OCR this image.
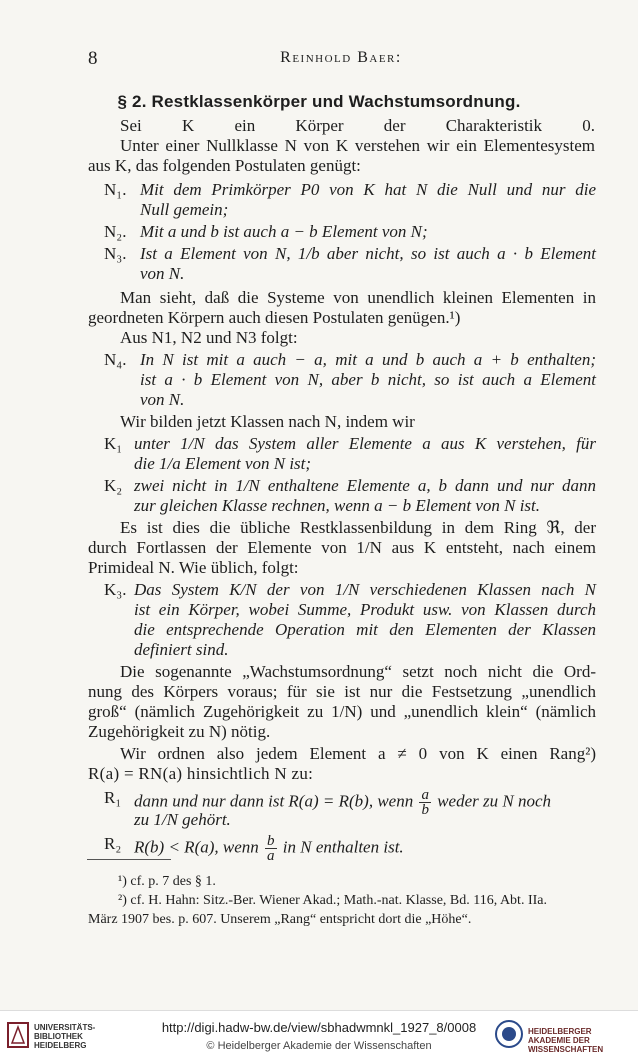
8	Reinhold Baer:
§ 2. Restklassenkörper und Wachstumsordnung.
Sei K ein Körper der Charakteristik 0.
Unter einer Nullklasse N von K verstehen wir ein Elementesystem
aus K, das folgenden Postulaten genügt:
N₁. Mit dem Primkörper P0 von K hat N die Null und nur die
Null gemein;
N₂. Mit a und b ist auch a − b Element von N;
N₃. Ist a Element von N, 1/b aber nicht, so ist auch a · b Element
von N.
Man sieht, daß die Systeme von unendlich kleinen Elementen in
geordneten Körpern auch diesen Postulaten genügen.¹)
Aus N1, N2 und N3 folgt:
N₄. In N ist mit a auch − a, mit a und b auch a + b enthalten;
ist a · b Element von N, aber b nicht, so ist auch a Element
von N.
Wir bilden jetzt Klassen nach N, indem wir
K₁ unter 1/N das System aller Elemente a aus K verstehen, für
die 1/a Element von N ist;
K₂ zwei nicht in 1/N enthaltene Elemente a, b dann und nur dann
zur gleichen Klasse rechnen, wenn a − b Element von N ist.
Es ist dies die übliche Restklassenbildung in dem Ring ℜ, der
durch Fortlassen der Elemente von 1/N aus K entsteht, nach einem
Primideal N. Wie üblich, folgt:
K₃. Das System K/N der von 1/N verschiedenen Klassen nach N
ist ein Körper, wobei Summe, Produkt usw. von Klassen durch
die entsprechende Operation mit den Elementen der Klassen
definiert sind.
Die sogenannte „Wachstumsordnung“ setzt noch nicht die Ord-
nung des Körpers voraus; für sie ist nur die Festsetzung „unendlich
groß“ (nämlich Zugehörigkeit zu 1/N) und „unendlich klein“ (nämlich
Zugehörigkeit zu N) nötig.
Wir ordnen also jedem Element a ≠ 0 von K einen Rang²)
R(a) = RN(a) hinsichtlich N zu:
R₁ dann und nur dann ist R(a) = R(b), wenn $\frac{a}{b}$ weder zu N noch
zu 1/N gehört.
R₂ R(b) < R(a), wenn $\frac{b}{a}$ in N enthalten ist.
¹) cf. p. 7 des § 1.
²) cf. H. Hahn: Sitz.-Ber. Wiener Akad.; Math.-nat. Klasse, Bd. 116, Abt. IIa.
März 1907 bes. p. 607. Unserem „Rang“ entspricht dort die „Höhe“.
UNIVERSITÄTS- BIBLIOTHEK HEIDELBERG
http://digi.hadw-bw.de/view/sbhadwmnkl_1927_8/0008
© Heidelberger Akademie der Wissenschaften
HEIDELBERGER AKADEMIE DER WISSENSCHAFTEN
